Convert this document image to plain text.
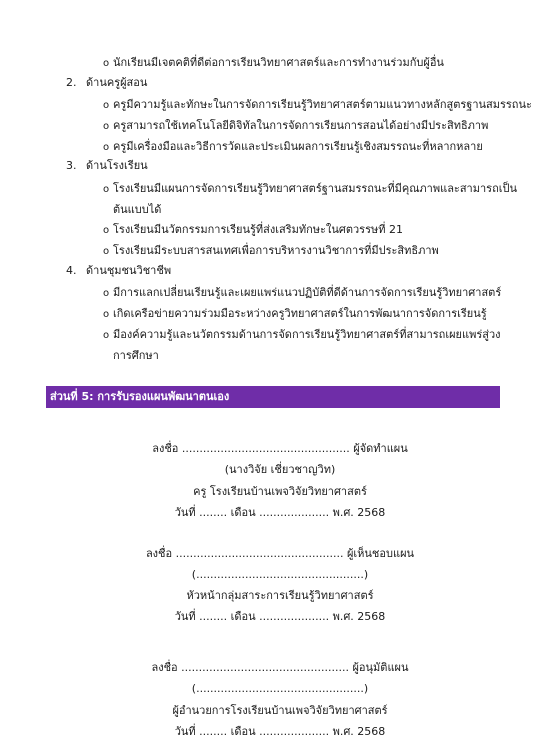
o นักเรียนมีเจตคติที่ดีต่อการเรียนวิทยาศาสตร์และการทำงานร่วมกับผู้อื่น
2. ด้านครูผู้สอน
o ครูมีความรู้และทักษะในการจัดการเรียนรู้วิทยาศาสตร์ตามแนวทางหลักสูตรฐานสมรรถนะ
o ครูสามารถใช้เทคโนโลยีดิจิทัลในการจัดการเรียนการสอนได้อย่างมีประสิทธิภาพ
o ครูมีเครื่องมือและวิธีการวัดและประเมินผลการเรียนรู้เชิงสมรรถนะที่หลากหลาย
3. ด้านโรงเรียน
o โรงเรียนมีแผนการจัดการเรียนรู้วิทยาศาสตร์ฐานสมรรถนะที่มีคุณภาพและสามารถเป็น
ต้นแบบได้
o โรงเรียนมีนวัตกรรมการเรียนรู้ที่ส่งเสริมทักษะในศตวรรษที่ 21
o โรงเรียนมีระบบสารสนเทศเพื่อการบริหารงานวิชาการที่มีประสิทธิภาพ
4. ด้านชุมชนวิชาชีพ
o มีการแลกเปลี่ยนเรียนรู้และเผยแพร่แนวปฏิบัติที่ดีด้านการจัดการเรียนรู้วิทยาศาสตร์
o เกิดเครือข่ายความร่วมมือระหว่างครูวิทยาศาสตร์ในการพัฒนาการจัดการเรียนรู้
o มีองค์ความรู้และนวัตกรรมด้านการจัดการเรียนรู้วิทยาศาสตร์ที่สามารถเผยแพร่สู่วง
การศึกษา
ส่วนที่ 5: การรับรองแผนพัฒนาตนเอง
ลงชื่อ ................................................ ผู้จัดทำแผน
(นางวิจัย เชี่ยวชาญวิท)
ครู โรงเรียนบ้านเพจวิจัยวิทยาศาสตร์
วันที่ ........ เดือน .................... พ.ศ. 2568
ลงชื่อ ................................................ ผู้เห็นชอบแผน
(................................................)
หัวหน้ากลุ่มสาระการเรียนรู้วิทยาศาสตร์
วันที่ ........ เดือน .................... พ.ศ. 2568
ลงชื่อ ................................................ ผู้อนุมัติแผน
(................................................)
ผู้อำนวยการโรงเรียนบ้านเพจวิจัยวิทยาศาสตร์
วันที่ ........ เดือน .................... พ.ศ. 2568
